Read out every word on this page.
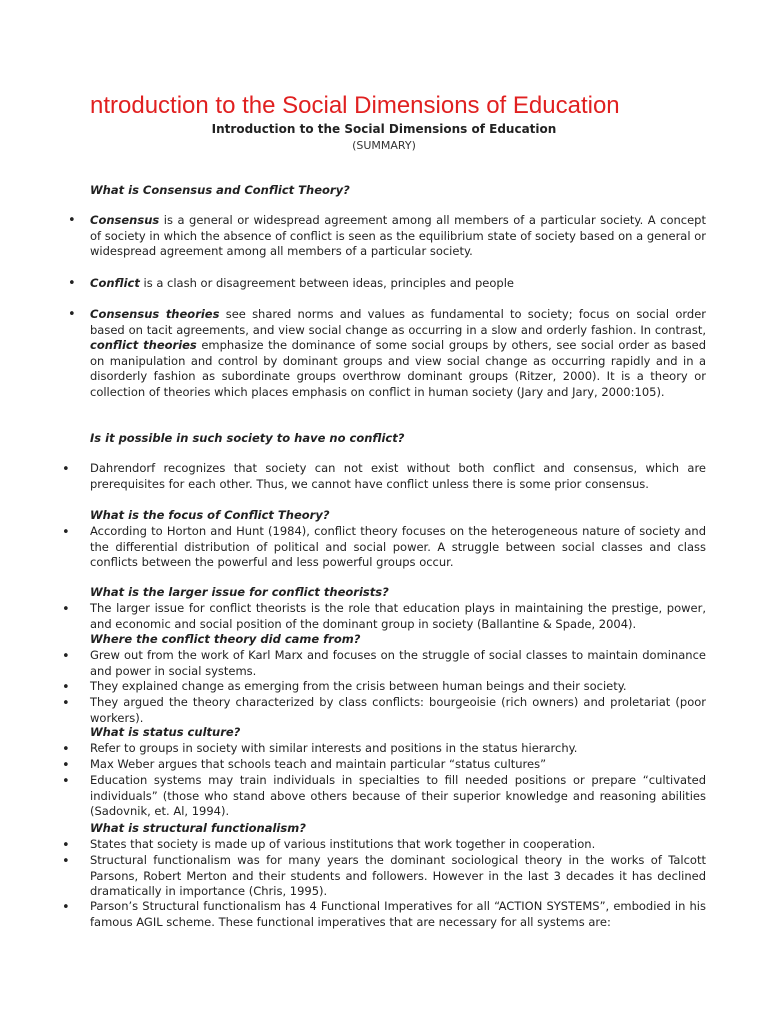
ntroduction to the Social Dimensions of Education
Introduction to the Social Dimensions of Education
(SUMMARY)
What is Consensus and Conflict Theory?
• Consensus is a general or widespread agreement among all members of a particular society. A concept of society in which the absence of conflict is seen as the equilibrium state of society based on a general or widespread agreement among all members of a particular society.
• Conflict is a clash or disagreement between ideas, principles and people
• Consensus theories see shared norms and values as fundamental to society; focus on social order based on tacit agreements, and view social change as occurring in a slow and orderly fashion. In contrast, conflict theories emphasize the dominance of some social groups by others, see social order as based on manipulation and control by dominant groups and view social change as occurring rapidly and in a disorderly fashion as subordinate groups overthrow dominant groups (Ritzer, 2000). It is a theory or collection of theories which places emphasis on conflict in human society (Jary and Jary, 2000:105).
Is it possible in such society to have no conflict?
• Dahrendorf recognizes that society can not exist without both conflict and consensus, which are prerequisites for each other. Thus, we cannot have conflict unless there is some prior consensus.
What is the focus of Conflict Theory?
• According to Horton and Hunt (1984), conflict theory focuses on the heterogeneous nature of society and the differential distribution of political and social power. A struggle between social classes and class conflicts between the powerful and less powerful groups occur.
What is the larger issue for conflict theorists?
• The larger issue for conflict theorists is the role that education plays in maintaining the prestige, power, and economic and social position of the dominant group in society (Ballantine & Spade, 2004).
Where the conflict theory did came from?
• Grew out from the work of Karl Marx and focuses on the struggle of social classes to maintain dominance and power in social systems.
• They explained change as emerging from the crisis between human beings and their society.
• They argued the theory characterized by class conflicts: bourgeoisie (rich owners) and proletariat (poor workers).
What is status culture?
• Refer to groups in society with similar interests and positions in the status hierarchy.
• Max Weber argues that schools teach and maintain particular “status cultures”
• Education systems may train individuals in specialties to fill needed positions or prepare “cultivated individuals” (those who stand above others because of their superior knowledge and reasoning abilities (Sadovnik, et. Al, 1994).
What is structural functionalism?
• States that society is made up of various institutions that work together in cooperation.
• Structural functionalism was for many years the dominant sociological theory in the works of Talcott Parsons, Robert Merton and their students and followers. However in the last 3 decades it has declined dramatically in importance (Chris, 1995).
• Parson’s Structural functionalism has 4 Functional Imperatives for all “ACTION SYSTEMS”, embodied in his famous AGIL scheme. These functional imperatives that are necessary for all systems are:
